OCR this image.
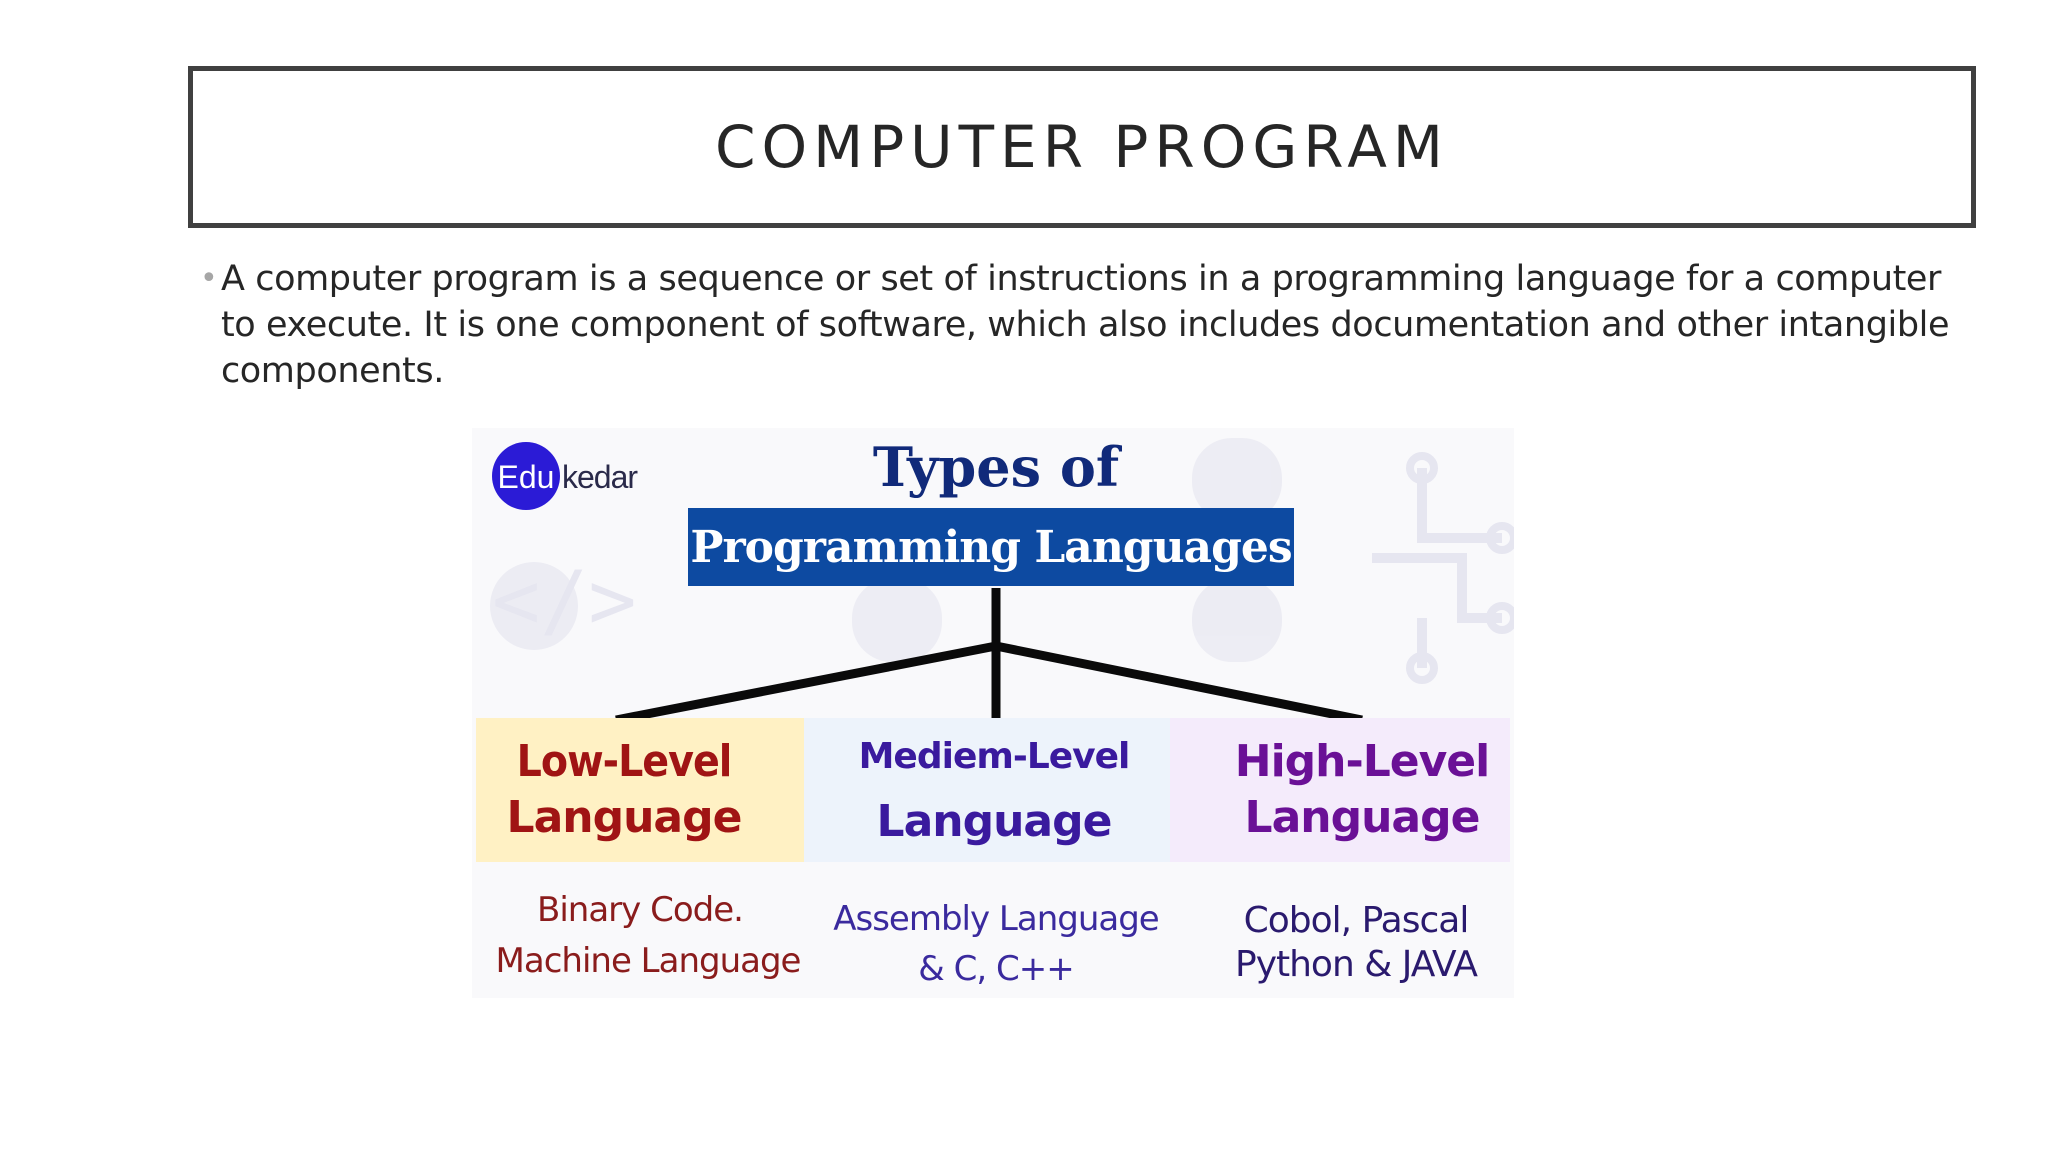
COMPUTER PROGRAM
• A computer program is a sequence or set of instructions in a programming language for a computer to execute. It is one component of software, which also includes documentation and other intangible components.
</>
Edu kedar	Types of
Programming Languages
Low-Level
Language
Mediem-Level
Language
High-Level
Language
Binary Code.
Machine Language
Assembly Language
& C, C++
Cobol, Pascal
Python & JAVA
